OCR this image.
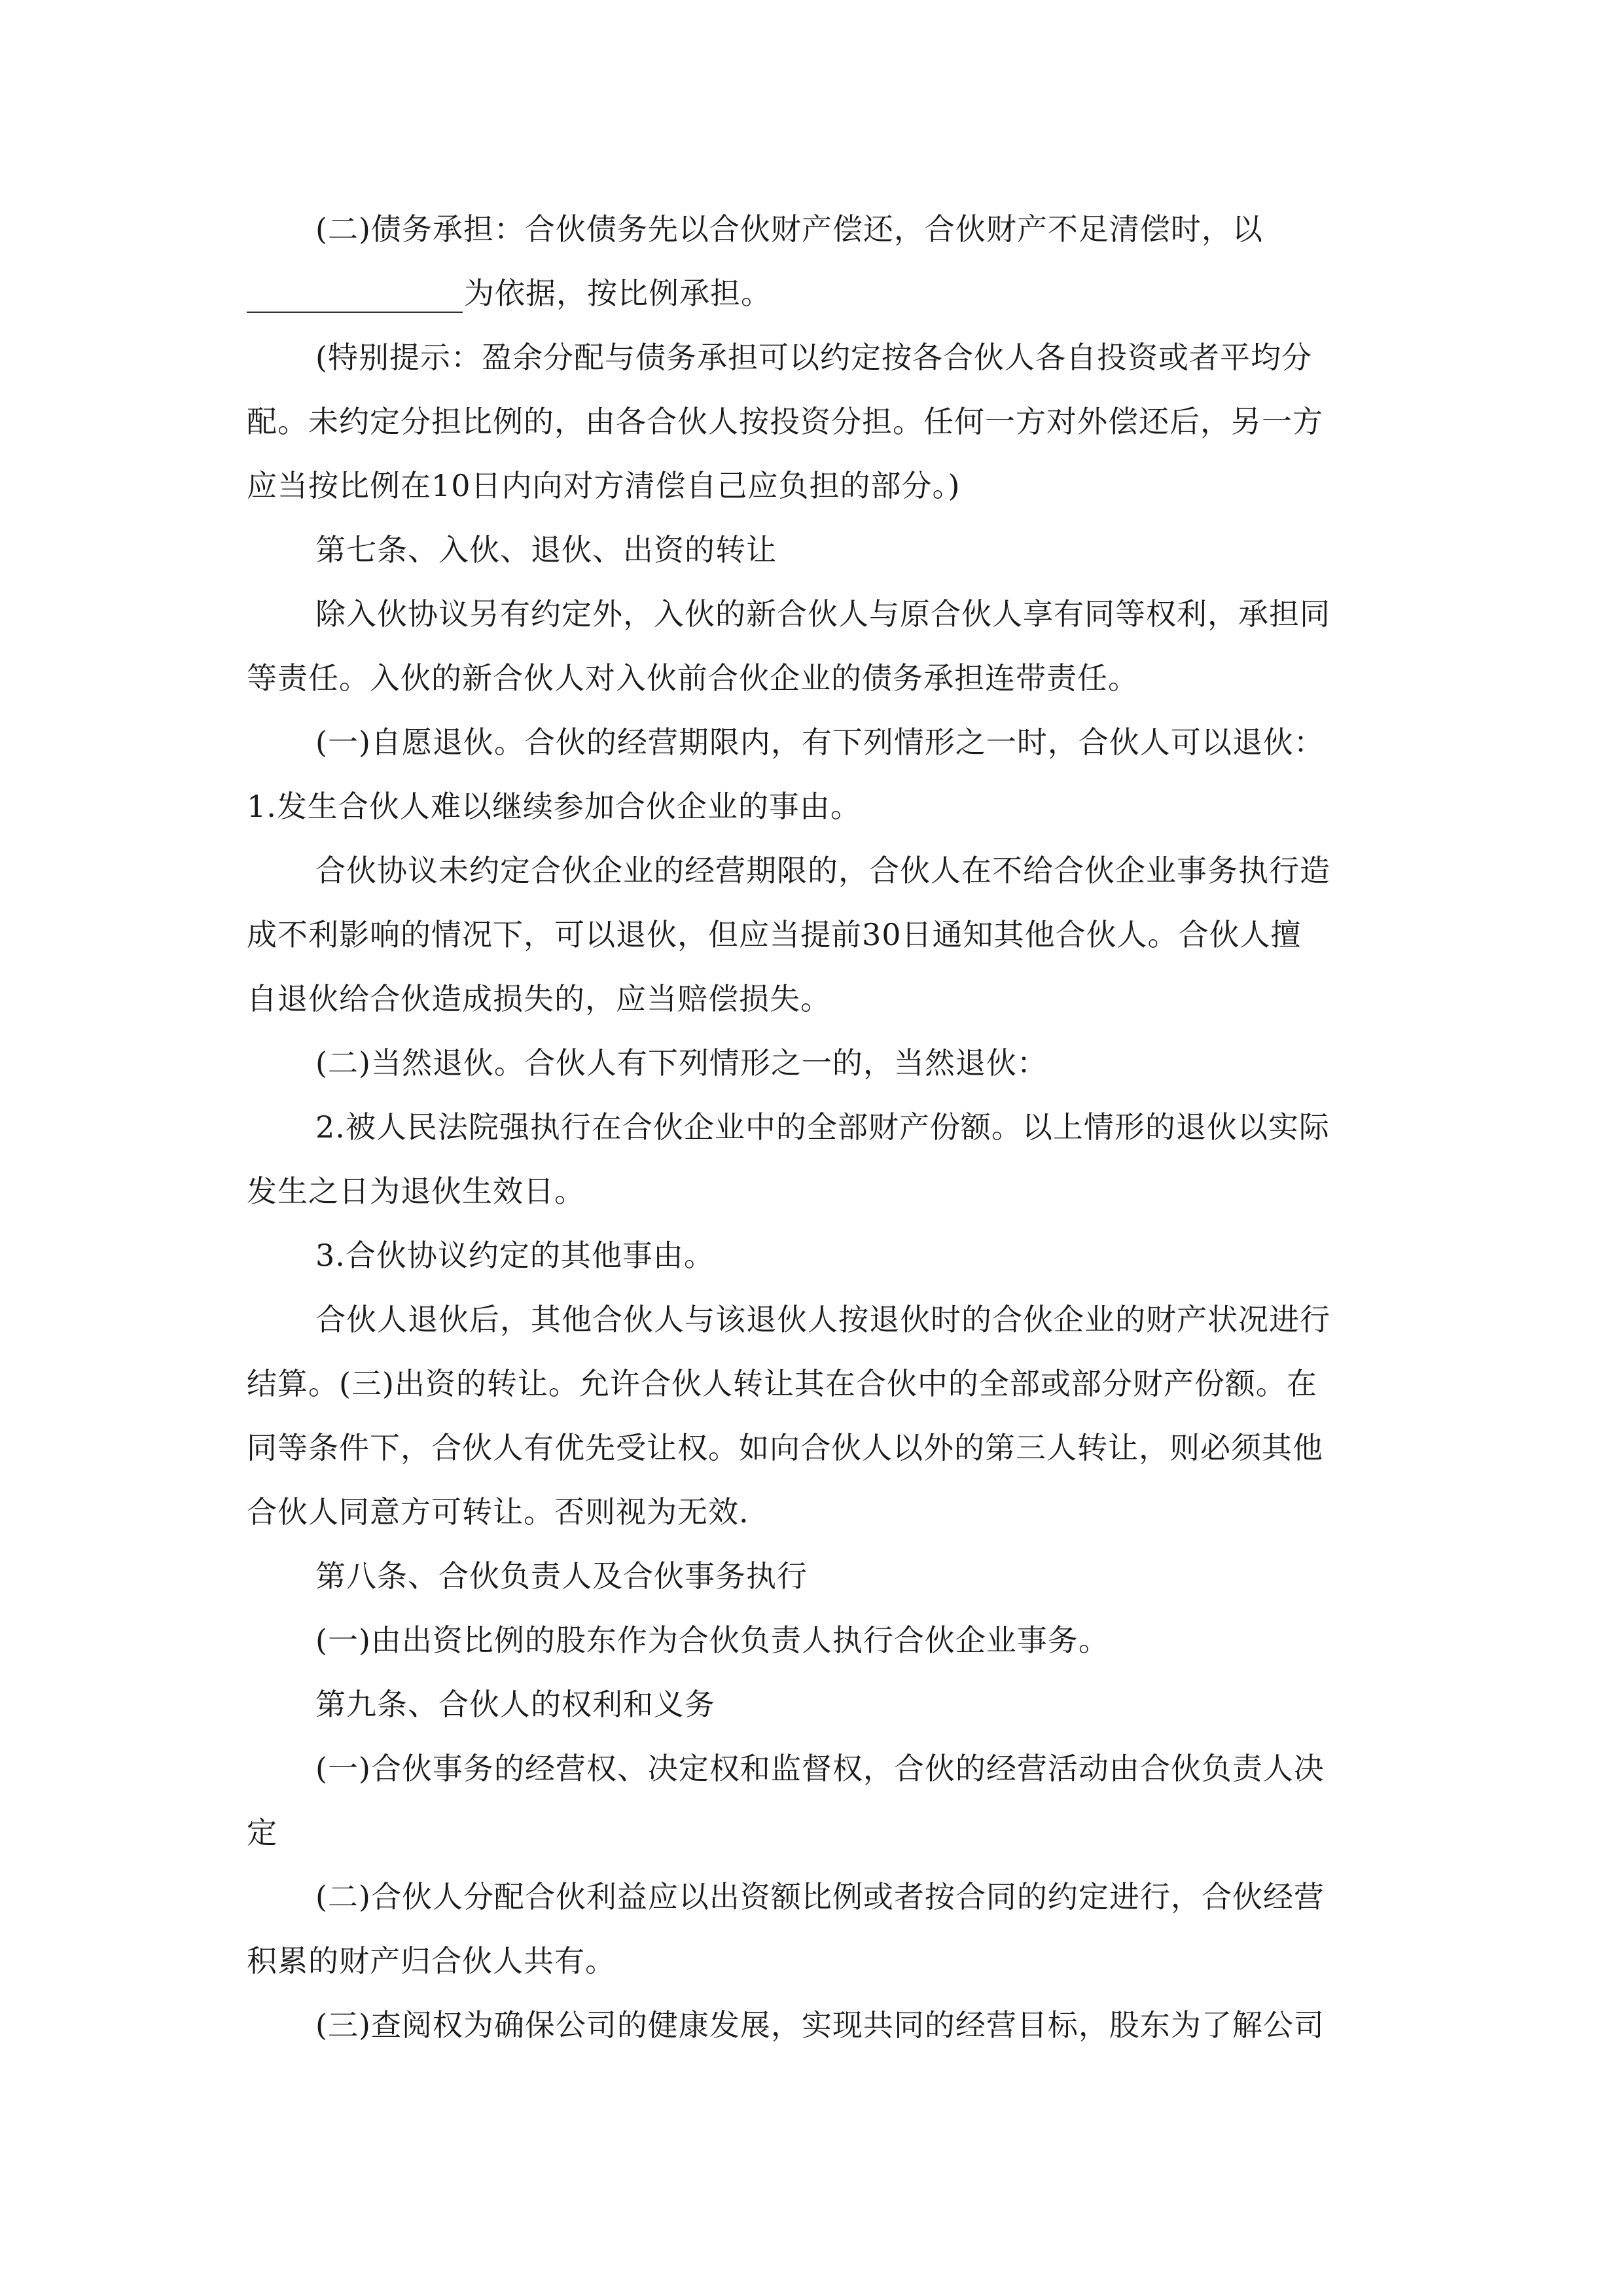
(二)债务承担：合伙债务先以合伙财产偿还，合伙财产不足清偿时，以
为依据，按比例承担。
(特别提示：盈余分配与债务承担可以约定按各合伙人各自投资或者平均分
配。未约定分担比例的，由各合伙人按投资分担。任何一方对外偿还后，另一方
应当按比例在10日内向对方清偿自己应负担的部分。)
第七条、入伙、退伙、出资的转让
除入伙协议另有约定外，入伙的新合伙人与原合伙人享有同等权利，承担同
等责任。入伙的新合伙人对入伙前合伙企业的债务承担连带责任。
(一)自愿退伙。合伙的经营期限内，有下列情形之一时，合伙人可以退伙：
1.发生合伙人难以继续参加合伙企业的事由。
合伙协议未约定合伙企业的经营期限的，合伙人在不给合伙企业事务执行造
成不利影响的情况下，可以退伙，但应当提前30日通知其他合伙人。合伙人擅
自退伙给合伙造成损失的，应当赔偿损失。
(二)当然退伙。合伙人有下列情形之一的，当然退伙：
2.被人民法院强执行在合伙企业中的全部财产份额。以上情形的退伙以实际
发生之日为退伙生效日。
3.合伙协议约定的其他事由。
合伙人退伙后，其他合伙人与该退伙人按退伙时的合伙企业的财产状况进行
结算。(三)出资的转让。允许合伙人转让其在合伙中的全部或部分财产份额。在
同等条件下，合伙人有优先受让权。如向合伙人以外的第三人转让，则必须其他
合伙人同意方可转让。否则视为无效.
第八条、合伙负责人及合伙事务执行
(一)由出资比例的股东作为合伙负责人执行合伙企业事务。
第九条、合伙人的权利和义务
(一)合伙事务的经营权、决定权和监督权，合伙的经营活动由合伙负责人决
定
(二)合伙人分配合伙利益应以出资额比例或者按合同的约定进行，合伙经营
积累的财产归合伙人共有。
(三)查阅权为确保公司的健康发展，实现共同的经营目标，股东为了解公司
